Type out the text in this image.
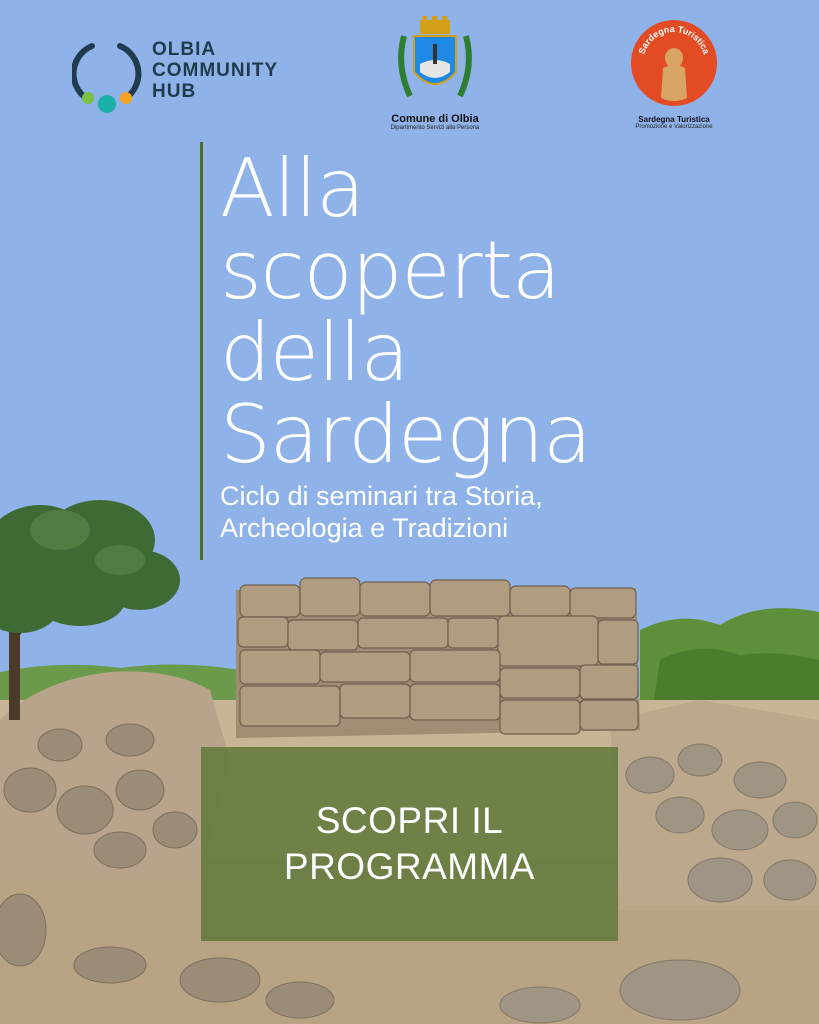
OLBIA
COMMUNITY
HUB
Comune di Olbia
Dipartimento Servizi alla Persona
Sardegna Turistica
Sardegna Turistica
Promozione e Valorizzazione
Alla
scoperta
della
Sardegna
Ciclo di seminari tra Storia,
Archeologia e Tradizioni
SCOPRI IL
PROGRAMMA
